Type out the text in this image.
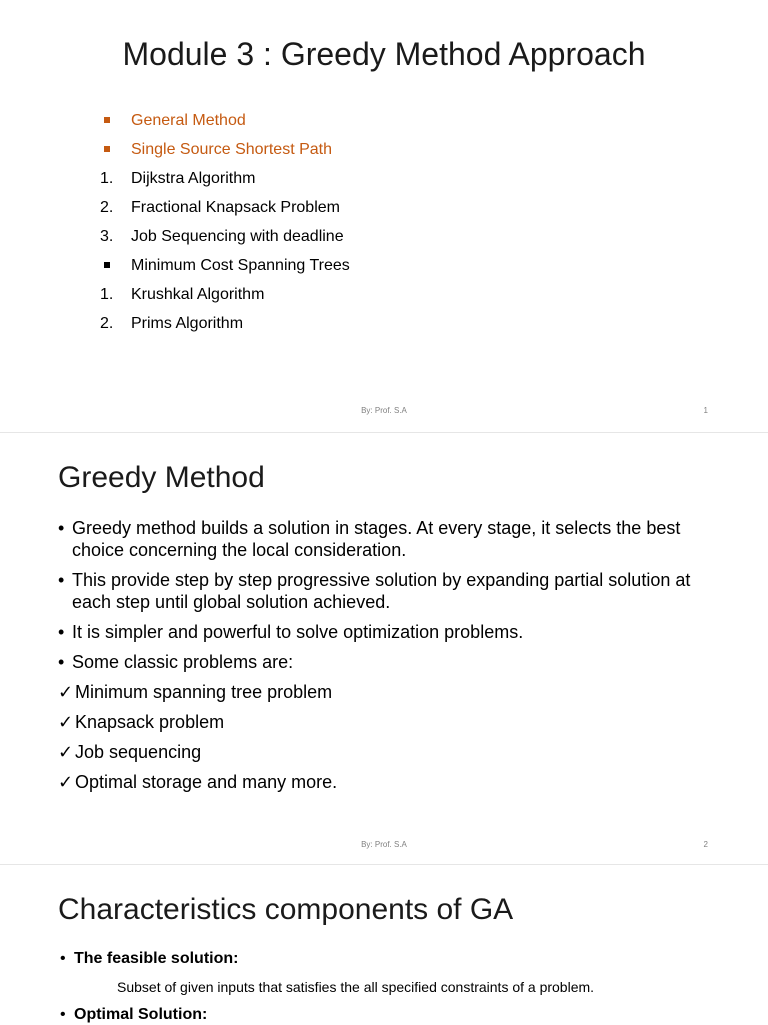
Module 3 : Greedy Method Approach
General Method
Single Source Shortest Path
1.	Dijkstra Algorithm
2.	Fractional Knapsack Problem
3.	Job Sequencing with deadline
Minimum Cost Spanning Trees
1.	Krushkal Algorithm
2.	Prims Algorithm
By: Prof. S.A	1
Greedy Method
• Greedy method builds a solution in stages. At every stage, it selects the best choice concerning the local consideration.
• This provide step by step progressive solution by expanding partial solution at each step until global solution achieved.
• It is simpler and powerful to solve optimization problems.
• Some classic problems are:
✓ Minimum spanning tree problem
✓ Knapsack problem
✓ Job sequencing
✓ Optimal storage and many more.
By: Prof. S.A	2
Characteristics components of GA
• The feasible solution:
Subset of given inputs that satisfies the all specified constraints of a problem.
• Optimal Solution:
